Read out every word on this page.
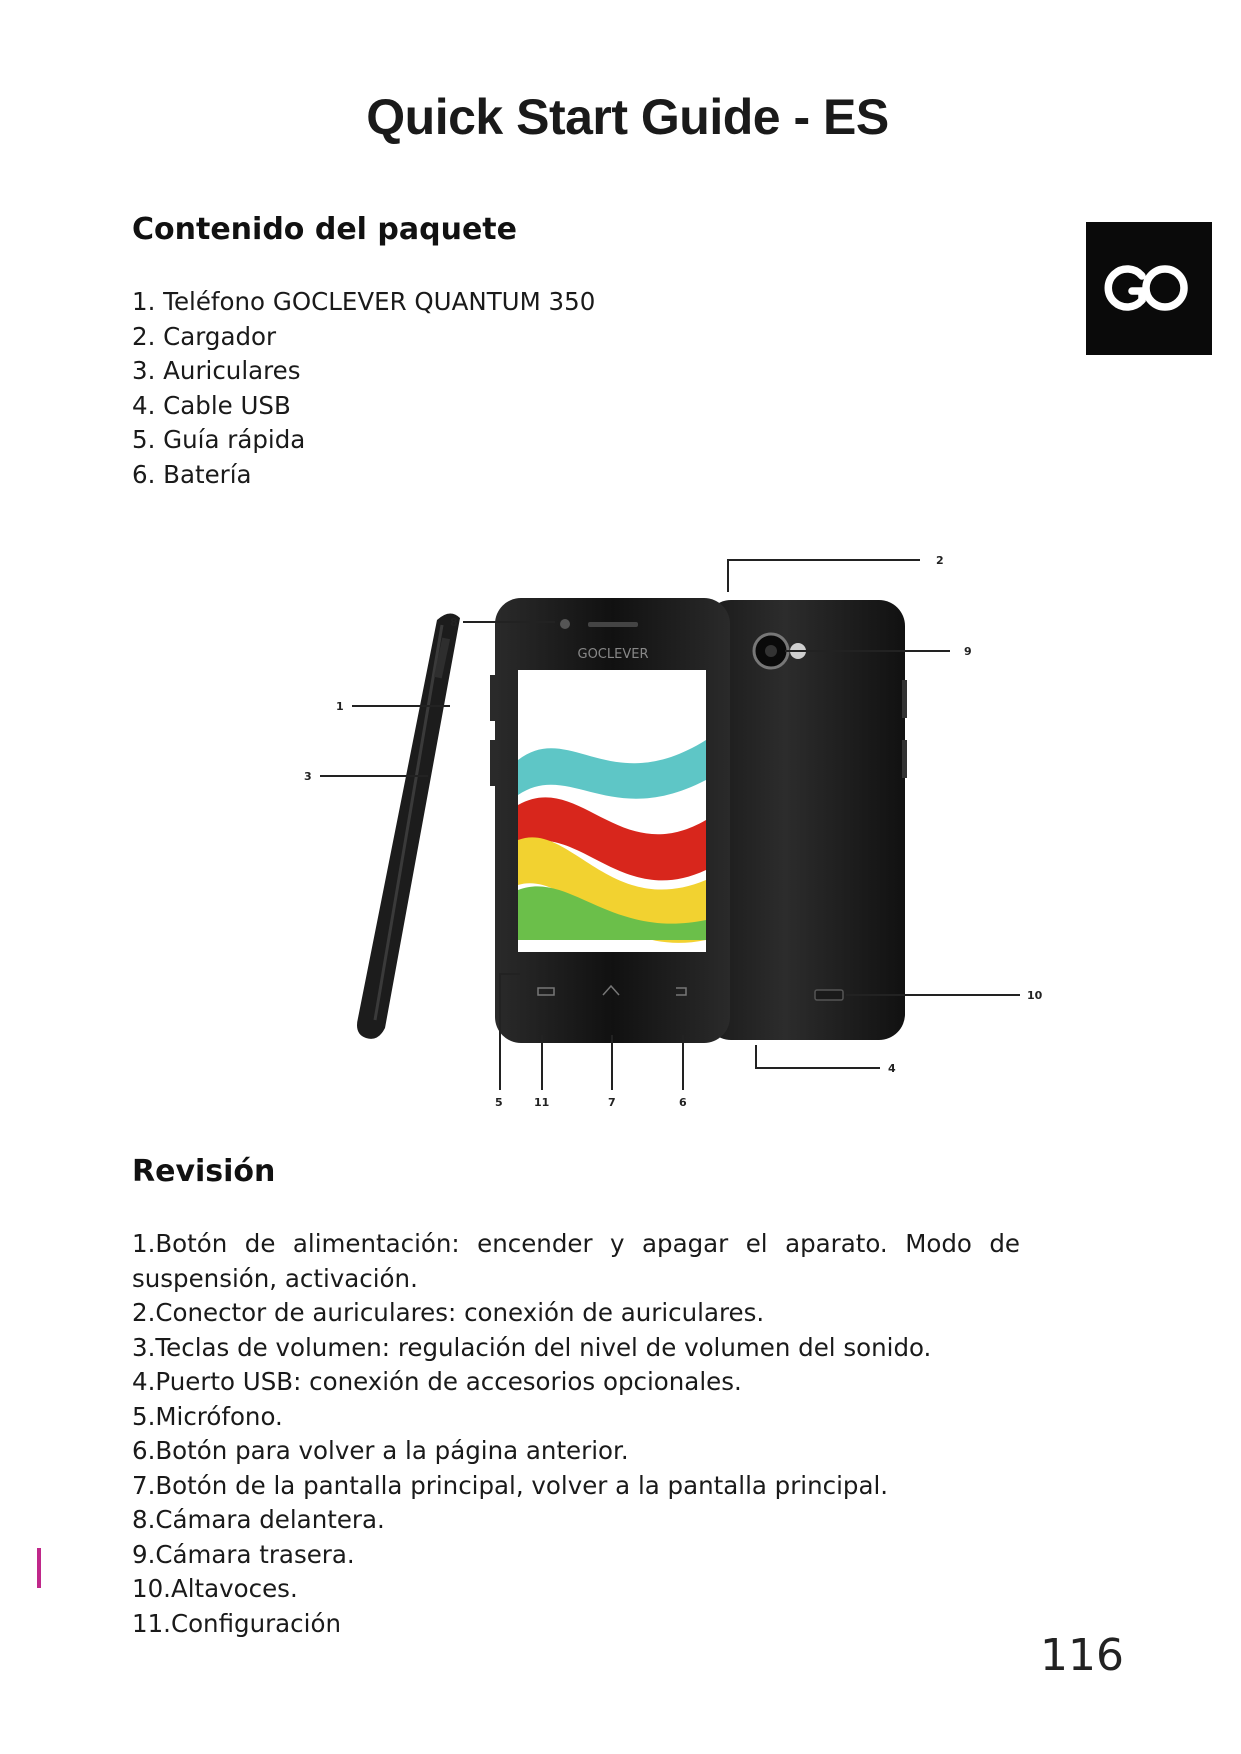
Quick Start Guide - ES
Contenido del paquete
1. Teléfono GOCLEVER QUANTUM 350
2. Cargador
3. Auriculares
4. Cable USB
5. Guía rápida
6. Batería
GOCLEVER
2
8
9
1
3
10
4
5	11	7	6
Revisión

1.Botón de alimentación: encender y apagar el aparato. Modo de suspensión, activación.

2.Conector de auriculares: conexión de auriculares.

3.Teclas de volumen: regulación del nivel de volumen del sonido.

4.Puerto USB: conexión de accesorios opcionales.

5.Micrófono.

6.Botón para volver a la página anterior.

7.Botón de la pantalla principal, volver a la pantalla principal.

8.Cámara delantera.

9.Cámara trasera.

10.Altavoces.

11.Configuración

116
